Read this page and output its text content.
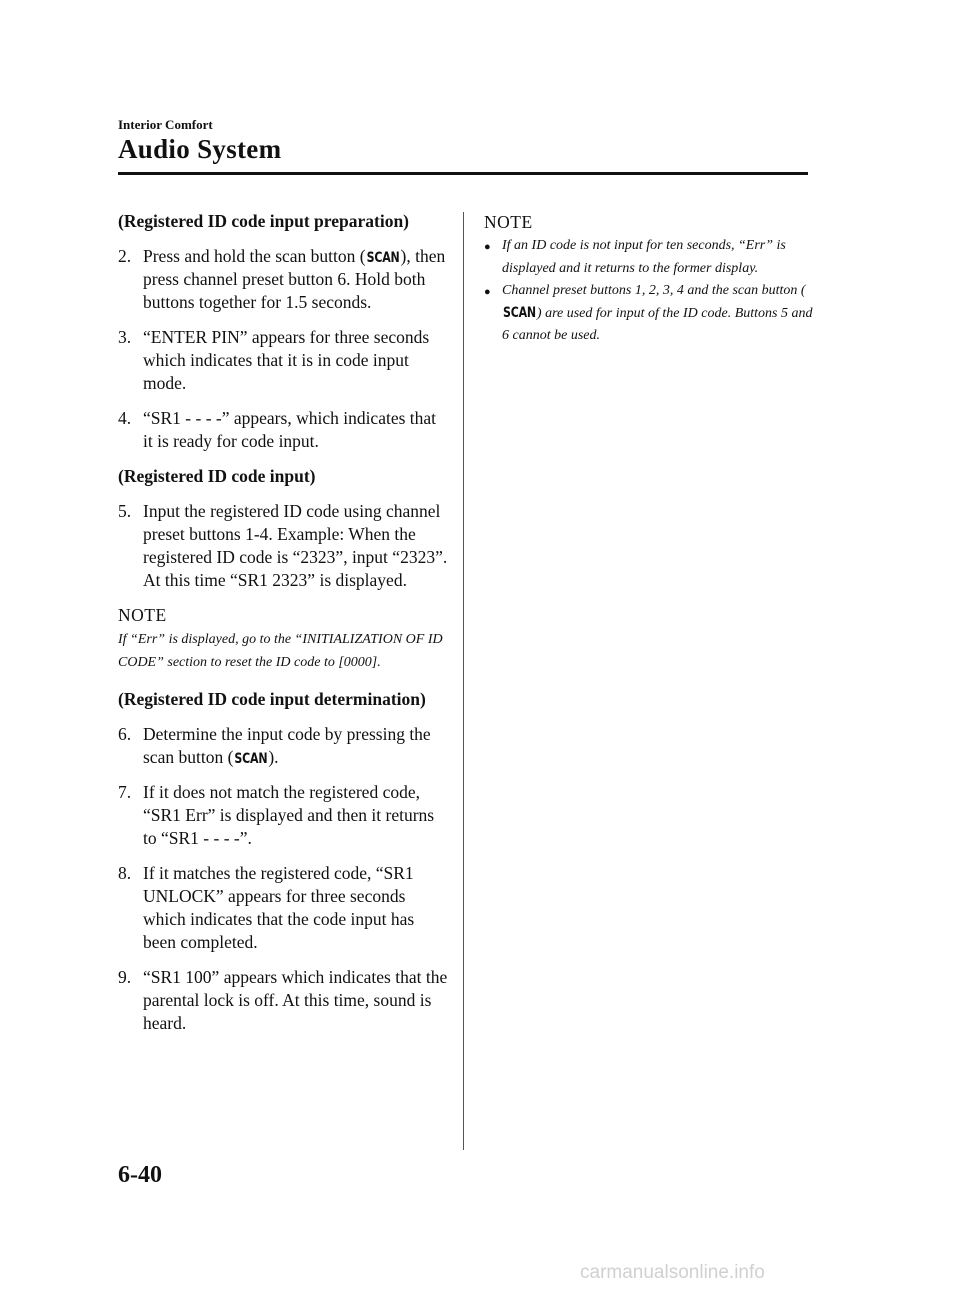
Interior Comfort
Audio System
(Registered ID code input preparation)
2. Press and hold the scan button (SCAN), then press channel preset button 6. Hold both buttons together for 1.5 seconds.
3. “ENTER PIN” appears for three seconds which indicates that it is in code input mode.
4. “SR1 - - - -” appears, which indicates that it is ready for code input.
(Registered ID code input)
5. Input the registered ID code using channel preset buttons 1-4. Example: When the registered ID code is “2323”, input “2323”. At this time “SR1 2323” is displayed.
NOTE
If “Err” is displayed, go to the “INITIALIZATION OF ID CODE” section to reset the ID code to [0000].
(Registered ID code input determination)
6. Determine the input code by pressing the scan button (SCAN).
7. If it does not match the registered code, “SR1 Err” is displayed and then it returns to “SR1 - - - -”.
8. If it matches the registered code, “SR1 UNLOCK” appears for three seconds which indicates that the code input has been completed.
9. “SR1 100” appears which indicates that the parental lock is off. At this time, sound is heard.
NOTE
● If an ID code is not input for ten seconds, “Err” is displayed and it returns to the former display.
● Channel preset buttons 1, 2, 3, 4 and the scan button (SCAN) are used for input of the ID code. Buttons 5 and 6 cannot be used.
6-40
carmanualsonline.info
